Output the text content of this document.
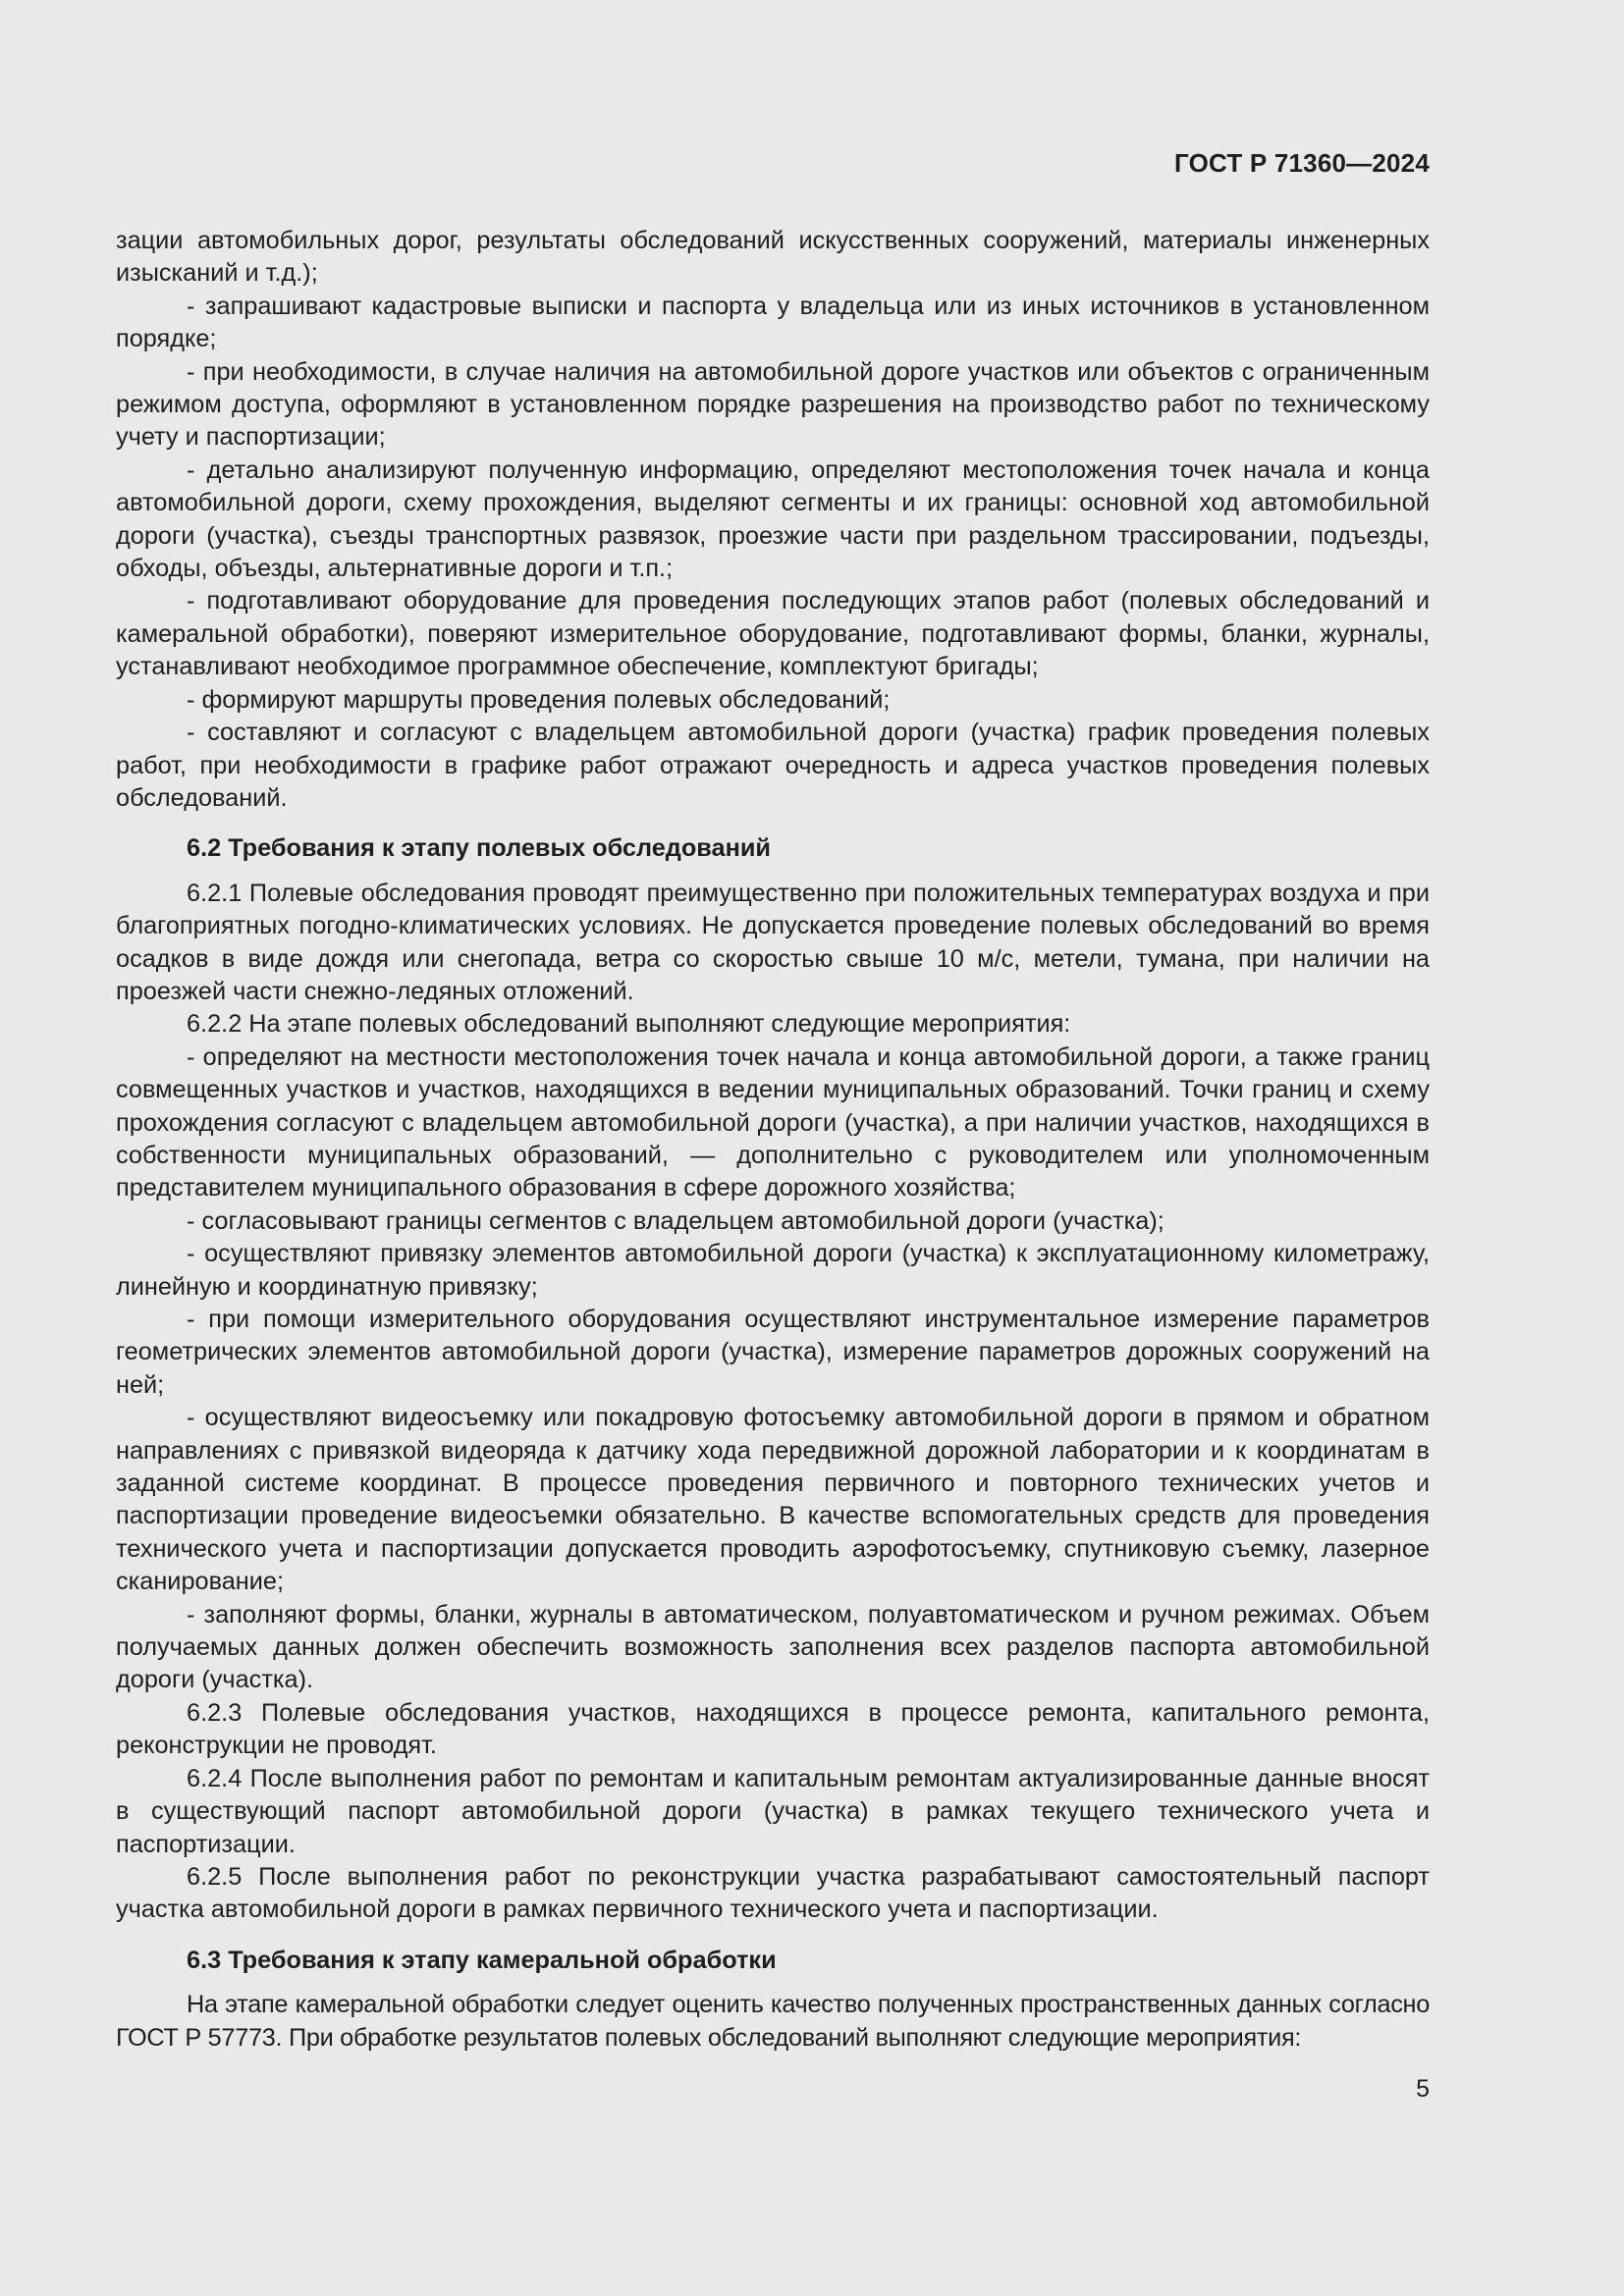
ГОСТ Р 71360—2024

зации автомобильных дорог, результаты обследований искусственных сооружений, материалы инженерных изысканий и т.д.);

- запрашивают кадастровые выписки и паспорта у владельца или из иных источников в установленном порядке;

- при необходимости, в случае наличия на автомобильной дороге участков или объектов с ограниченным режимом доступа, оформляют в установленном порядке разрешения на производство работ по техническому учету и паспортизации;

- детально анализируют полученную информацию, определяют местоположения точек начала и конца автомобильной дороги, схему прохождения, выделяют сегменты и их границы: основной ход автомобильной дороги (участка), съезды транспортных развязок, проезжие части при раздельном трассировании, подъезды, обходы, объезды, альтернативные дороги и т.п.;

- подготавливают оборудование для проведения последующих этапов работ (полевых обследований и камеральной обработки), поверяют измерительное оборудование, подготавливают формы, бланки, журналы, устанавливают необходимое программное обеспечение, комплектуют бригады;

- формируют маршруты проведения полевых обследований;

- составляют и согласуют с владельцем автомобильной дороги (участка) график проведения полевых работ, при необходимости в графике работ отражают очередность и адреса участков проведения полевых обследований.

6.2 Требования к этапу полевых обследований

6.2.1 Полевые обследования проводят преимущественно при положительных температурах воздуха и при благоприятных погодно-климатических условиях. Не допускается проведение полевых обследований во время осадков в виде дождя или снегопада, ветра со скоростью свыше 10 м/с, метели, тумана, при наличии на проезжей части снежно-ледяных отложений.

6.2.2 На этапе полевых обследований выполняют следующие мероприятия:

- определяют на местности местоположения точек начала и конца автомобильной дороги, а также границ совмещенных участков и участков, находящихся в ведении муниципальных образований. Точки границ и схему прохождения согласуют с владельцем автомобильной дороги (участка), а при наличии участков, находящихся в собственности муниципальных образований, — дополнительно с руководителем или уполномоченным представителем муниципального образования в сфере дорожного хозяйства;

- согласовывают границы сегментов с владельцем автомобильной дороги (участка);

- осуществляют привязку элементов автомобильной дороги (участка) к эксплуатационному километражу, линейную и координатную привязку;

- при помощи измерительного оборудования осуществляют инструментальное измерение параметров геометрических элементов автомобильной дороги (участка), измерение параметров дорожных сооружений на ней;

- осуществляют видеосъемку или покадровую фотосъемку автомобильной дороги в прямом и обратном направлениях с привязкой видеоряда к датчику хода передвижной дорожной лаборатории и к координатам в заданной системе координат. В процессе проведения первичного и повторного технических учетов и паспортизации проведение видеосъемки обязательно. В качестве вспомогательных средств для проведения технического учета и паспортизации допускается проводить аэрофотосъемку, спутниковую съемку, лазерное сканирование;

- заполняют формы, бланки, журналы в автоматическом, полуавтоматическом и ручном режимах. Объем получаемых данных должен обеспечить возможность заполнения всех разделов паспорта автомобильной дороги (участка).

6.2.3 Полевые обследования участков, находящихся в процессе ремонта, капитального ремонта, реконструкции не проводят.

6.2.4 После выполнения работ по ремонтам и капитальным ремонтам актуализированные данные вносят в существующий паспорт автомобильной дороги (участка) в рамках текущего технического учета и паспортизации.

6.2.5 После выполнения работ по реконструкции участка разрабатывают самостоятельный паспорт участка автомобильной дороги в рамках первичного технического учета и паспортизации.

6.3 Требования к этапу камеральной обработки

На этапе камеральной обработки следует оценить качество полученных пространственных данных согласно ГОСТ Р 57773. При обработке результатов полевых обследований выполняют следующие мероприятия:

5
